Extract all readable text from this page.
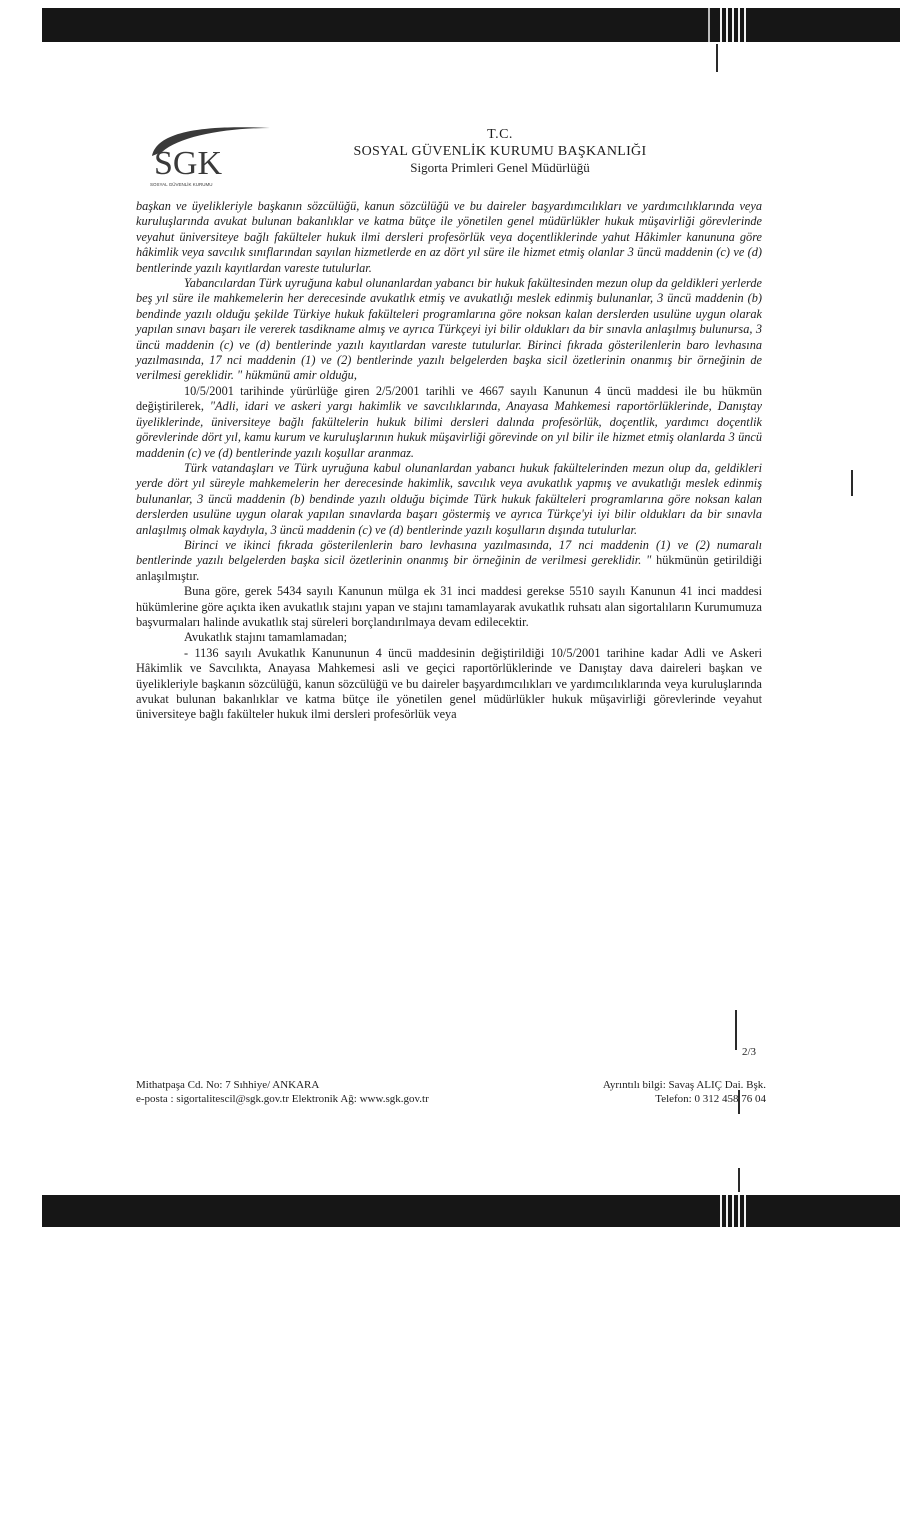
SGK
SOSYAL GÜVENLİK KURUMU
T.C.
SOSYAL GÜVENLİK KURUMU BAŞKANLIĞI
Sigorta Primleri Genel Müdürlüğü

başkan ve üyelikleriyle başkanın sözcülüğü, kanun sözcülüğü ve bu daireler başyardımcılıkları ve yardımcılıklarında veya kuruluşlarında avukat bulunan bakanlıklar ve katma bütçe ile yönetilen genel müdürlükler hukuk müşavirliği görevlerinde veyahut üniversiteye bağlı fakülteler hukuk ilmi dersleri profesörlük veya doçentliklerinde yahut Hâkimler kanununa göre hâkimlik veya savcılık sınıflarından sayılan hizmetlerde en az dört yıl süre ile hizmet etmiş olanlar 3 üncü maddenin (c) ve (d) bentlerinde yazılı kayıtlardan vareste tutulurlar.

Yabancılardan Türk uyruğuna kabul olunanlardan yabancı bir hukuk fakültesinden mezun olup da geldikleri yerlerde beş yıl süre ile mahkemelerin her derecesinde avukatlık etmiş ve avukatlığı meslek edinmiş bulunanlar, 3 üncü maddenin (b) bendinde yazılı olduğu şekilde Türkiye hukuk fakülteleri programlarına göre noksan kalan derslerden usulüne uygun olarak yapılan sınavı başarı ile vererek tasdikname almış ve ayrıca Türkçeyi iyi bilir oldukları da bir sınavla anlaşılmış bulunursa, 3 üncü maddenin (c) ve (d) bentlerinde yazılı kayıtlardan vareste tutulurlar. Birinci fıkrada gösterilenlerin baro levhasına yazılmasında, 17 nci maddenin (1) ve (2) bentlerinde yazılı belgelerden başka sicil özetlerinin onanmış bir örneğinin de verilmesi gereklidir. " hükmünü amir olduğu,

10/5/2001 tarihinde yürürlüğe giren 2/5/2001 tarihli ve 4667 sayılı Kanunun 4 üncü maddesi ile bu hükmün değiştirilerek, "Adli, idari ve askeri yargı hakimlik ve savcılıklarında, Anayasa Mahkemesi raportörlüklerinde, Danıştay üyeliklerinde, üniversiteye bağlı fakültelerin hukuk bilimi dersleri dalında profesörlük, doçentlik, yardımcı doçentlik görevlerinde dört yıl, kamu kurum ve kuruluşlarının hukuk müşavirliği görevinde on yıl bilir ile hizmet etmiş olanlarda 3 üncü maddenin (c) ve (d) bentlerinde yazılı koşullar aranmaz.

Türk vatandaşları ve Türk uyruğuna kabul olunanlardan yabancı hukuk fakültelerinden mezun olup da, geldikleri yerde dört yıl süreyle mahkemelerin her derecesinde hakimlik, savcılık veya avukatlık yapmış ve avukatlığı meslek edinmiş bulunanlar, 3 üncü maddenin (b) bendinde yazılı olduğu biçimde Türk hukuk fakülteleri programlarına göre noksan kalan derslerden usulüne uygun olarak yapılan sınavlarda başarı göstermiş ve ayrıca Türkçe'yi iyi bilir oldukları da bir sınavla anlaşılmış olmak kaydıyla, 3 üncü maddenin (c) ve (d) bentlerinde yazılı koşulların dışında tutulurlar.

Birinci ve ikinci fıkrada gösterilenlerin baro levhasına yazılmasında, 17 nci maddenin (1) ve (2) numaralı bentlerinde yazılı belgelerden başka sicil özetlerinin onanmış bir örneğinin de verilmesi gereklidir. " hükmünün getirildiği anlaşılmıştır.

Buna göre, gerek 5434 sayılı Kanunun mülga ek 31 inci maddesi gerekse 5510 sayılı Kanunun 41 inci maddesi hükümlerine göre açıkta iken avukatlık stajını yapan ve stajını tamamlayarak avukatlık ruhsatı alan sigortalıların Kurumumuza başvurmaları halinde avukatlık staj süreleri borçlandırılmaya devam edilecektir.

Avukatlık stajını tamamlamadan;

- 1136 sayılı Avukatlık Kanununun 4 üncü maddesinin değiştirildiği 10/5/2001 tarihine kadar Adli ve Askeri Hâkimlik ve Savcılıkta, Anayasa Mahkemesi asli ve geçici raportörlüklerinde ve Danıştay dava daireleri başkan ve üyelikleriyle başkanın sözcülüğü, kanun sözcülüğü ve bu daireler başyardımcılıkları ve yardımcılıklarında veya kuruluşlarında avukat bulunan bakanlıklar ve katma bütçe ile yönetilen genel müdürlükler hukuk müşavirliği görevlerinde veyahut üniversiteye bağlı fakülteler hukuk ilmi dersleri profesörlük veya

2/3
Mithatpaşa Cd. No: 7 Sıhhiye/ ANKARA	Ayrıntılı bilgi: Savaş ALIÇ Dai. Bşk.
e-posta : sigortalitescil@sgk.gov.tr Elektronik Ağ: www.sgk.gov.tr	Telefon: 0 312 458 76 04
